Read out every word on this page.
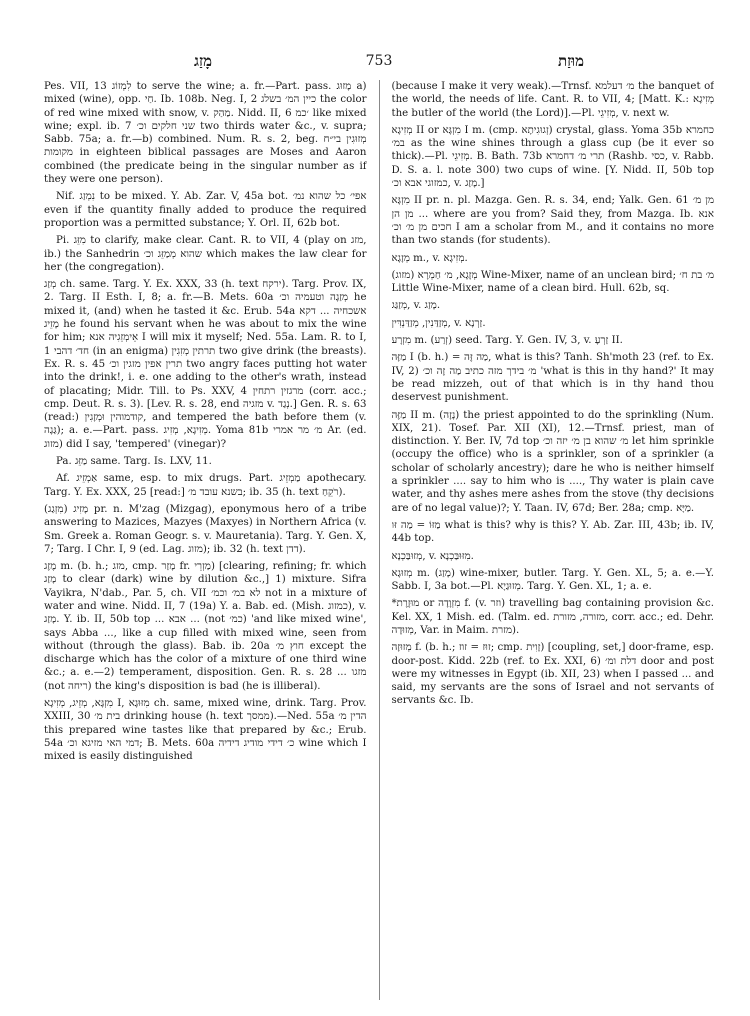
מָזַג	753	מוּזַת

Pes. VII, 13 לִמְזוֹג to serve the wine; a. fr.—Part. pass. מָזוּג a) mixed (wine), opp. חַי. Ib. 108b. Neg. I, 2 כיין המ׳ בשלג the color of red wine mixed with snow, v. מַהַק. Nidd. II, 6 ׳כמ like mixed wine; expl. ib. 7 שני חלקים וכ׳ two thirds water &c., v. supra; Sabb. 75a; a. fr.—b) combined. Num. R. s. 2, beg. מְזוּגִין בי״ח מקומות in eighteen biblical passages are Moses and Aaron combined (the predicate being in the singular number as if they were one person).

Nif. נִמְזַג to be mixed. Y. Ab. Zar. V, 45a bot. אפי׳ כל שהוא נמ׳ even if the quantity finally added to produce the required proportion was a permitted substance; Y. Orl. II, 62b bot.

Pi. מִזֵּג to clarify, make clear. Cant. R. to VII, 4 (play on מזג, ib.) the Sanhedrin שהוא מְמַזֵּג וכ׳ which makes the law clear for her (the congregation).

מְזַג ch. same. Targ. Y. Ex. XXX, 33 (h. text ירקח). Targ. Prov. IX, 2. Targ. II Esth. I, 8; a. fr.—B. Mets. 60a מְזַגָה וטעמיה וכ׳ he mixed it, (and) when he tasted it &c. Erub. 54a אשכחיה ... דקא מָזֵיג he found his servant when he was about to mix the wine for him; אֵימְזֵגִיה אנא I will mix it myself; Ned. 55a. Lam. R. to I, 1 חד׳ דהבי (in an enigma) תרתין מְזִגִין two give drink (the breasts). Ex. R. s. 45 תרין אפין מזגין וכ׳ two angry faces putting hot water into the drink!, i. e. one adding to the other's wrath, instead of placating; Midr. Till. to Ps. XXV, 4 מרגזין רתחין (corr. acc.; cmp. Deut. R. s. 3). [Lev. R. s. 28, end מזגיה v. נְגַד.] Gen. R. s. 63 (read:) קודמוהין וּמְזָגִין, and tempered the bath before them (v. גַּגָה); a. e.—Part. pass. מְזִיגָא, מְזִיג. Yoma 81b מ׳ מר אמרי Ar. (ed. מזוג) did I say, 'tempered' (vinegar)?

Pa. מַזֵּג same. Targ. Is. LXV, 11.

Af. אַמְזֵיג same, esp. to mix drugs. Part. מַמְזֵיג apothecary. Targ. Y. Ex. XXX, 25 [read:] בשנא עובד מ׳; ib. 35 (h. text רֹקֵחַ).

מָזִיג (מִזְגַג) pr. n. M'zag (Mizgag), eponymous hero of a tribe answering to Mazices, Mazyes (Maxyes) in Northern Africa (v. Sm. Greek a. Roman Geogr. s. v. Mauretania). Targ. Y. Gen. X, 7; Targ. I Chr. I, 9 (ed. Lag. מזוג); ib. 32 (h. text דדן).

מֶזֶג m. (b. h.; מזג, cmp. מָזַר fr. מַזְרֵי) [clearing, refining; fr. which מָזַג to clear (dark) wine by dilution &c.,] 1) mixture. Sifra Vayikra, N'dab., Par. 5, ch. VII לא במ׳ וכמ׳ not in a mixture of water and wine. Nidd. II, 7 (19a) Y. a. Bab. ed. (Mish. כמזוג), v. מָזַג. Y. ib. II, 50b top ... אבא ... (not כמ׳) 'and like mixed wine', says Abba ..., like a cup filled with mixed wine, seen from without (through the glass). Bab. ib. 20a חוץ מ׳ except the discharge which has the color of a mixture of one third wine &c.; a. e.—2) temperament, disposition. Gen. R. s. 28 ... מזגו (not ריחה) the king's disposition is bad (he is illiberal).

מִזְגָּא, מְזֵיג, מְזִיגָא I, מִזּוּגָא ch. same, mixed wine, drink. Targ. Prov. XXIII, 30 בית מ׳ drinking house (h. text ממסך).—Ned. 55a הדין מ׳ this prepared wine tastes like that prepared by &c.; Erub. 54a דמי האי מזיגא וכ׳; B. Mets. 60a כ׳ דידי מודיג דידיה wine which I mixed is easily distinguished

(because I make it very weak).—Trnsf. מ׳ דעלמא the banquet of the world, the needs of life. Cant. R. to VII, 4; [Matt. K.: מְזִיגָא the butler of the world (the Lord)].—Pl. מְזִיגֵי, v. next w.

מְזִיגָא II or מִזְגָּא I m. (cmp. זְגוּגִיתָא) crystal, glass. Yoma 35b כחמרא במ׳ as the wine shines through a glass cup (be it ever so thick).—Pl. מְזִיגֵי. B. Bath. 73b תרי מ׳ דחמרא (Rashb. כסי, v. Rabb. D. S. a. l. note 300) two cups of wine. [Y. Nidd. II, 50b top כמזוגי אבא וכ׳, v. מָזַג.]

מִזְגָּא II pr. n. pl. Mazga. Gen. R. s. 34, end; Yalk. Gen. 61 מן מ׳ ... מן הן where are you from? Said they, from Mazga. Ib. אנא חכים מן מ׳ וכ׳ I am a scholar from M., and it contains no more than two stands (for students).

מְזָגָא m., v. מְזִיגָא.

מְזָגָא, מ׳ חַמְרָא (מזוג) Wine-Mixer, name of an unclean bird; מ׳ בת ח׳ Little Wine-Mixer, name of a clean bird. Hull. 62b, sq.

מְזַגַּג, v. מָזַג.

מְזַדַּנִין, מְזַדַּנְדִּין, v. זַרְנָא.

מִזְרָע m. (זְרַע) seed. Targ. Y. Gen. IV, 3, v. זַרְעָ II.

מַזָּה I (b. h.) = מַה זֶּה, what is this? Tanh. Sh'moth 23 (ref. to Ex. IV, 2) מ׳ בידך מזה כתיב מַה זֶה וכ׳ 'what is this in thy hand?' It may be read mizzeh, out of that which is in thy hand thou deservest punishment.

מַזֶּה II m. (נָזָה) the priest appointed to do the sprinkling (Num. XIX, 21). Tosef. Par. XII (XI), 12.—Trnsf. priest, man of distinction. Y. Ber. IV, 7d top מ׳ שהוא בן מ׳ יזה וכ׳ let him sprinkle (occupy the office) who is a sprinkler, son of a sprinkler (a scholar of scholarly ancestry); dare he who is neither himself a sprinkler .... say to him who is ...., Thy water is plain cave water, and thy ashes mere ashes from the stove (thy decisions are of no legal value)?; Y. Taan. IV, 67d; Ber. 28a; cmp. מַיָּא.

מַזּוֹ = מַה זּוּ what is this? why is this? Y. Ab. Zar. III, 43b; ib. IV, 44b top.

מְזוּבַּכְנָא, v. מִזּוּבַּכְנָא.

מְזוּגָא m. (מָזַג) wine-mixer, butler. Targ. Y. Gen. XL, 5; a. e.—Y. Sabb. I, 3a bot.—Pl. מְזוּגַיָא. Targ. Y. Gen. XL, 1; a. e.

*מוּזֶרֶת or מִזְוָדָה f. (v. וזר) travelling bag containing provision &c. Kel. XX, 1 Mish. ed. (Talm. ed. מזורה, מזורת, corr. acc.; ed. Dehr. מְזוּדָה, Var. in Maim. מזרת).

מְזוּזָה f. (b. h.; זוּז = זוז; cmp. זָוִית) [coupling, set,] door-frame, esp. door-post. Kidd. 22b (ref. to Ex. XXI, 6) דלת ומ׳ door and post were my witnesses in Egypt (ib. XII, 23) when I passed ... and said, my servants are the sons of Israel and not servants of servants &c. Ib.
